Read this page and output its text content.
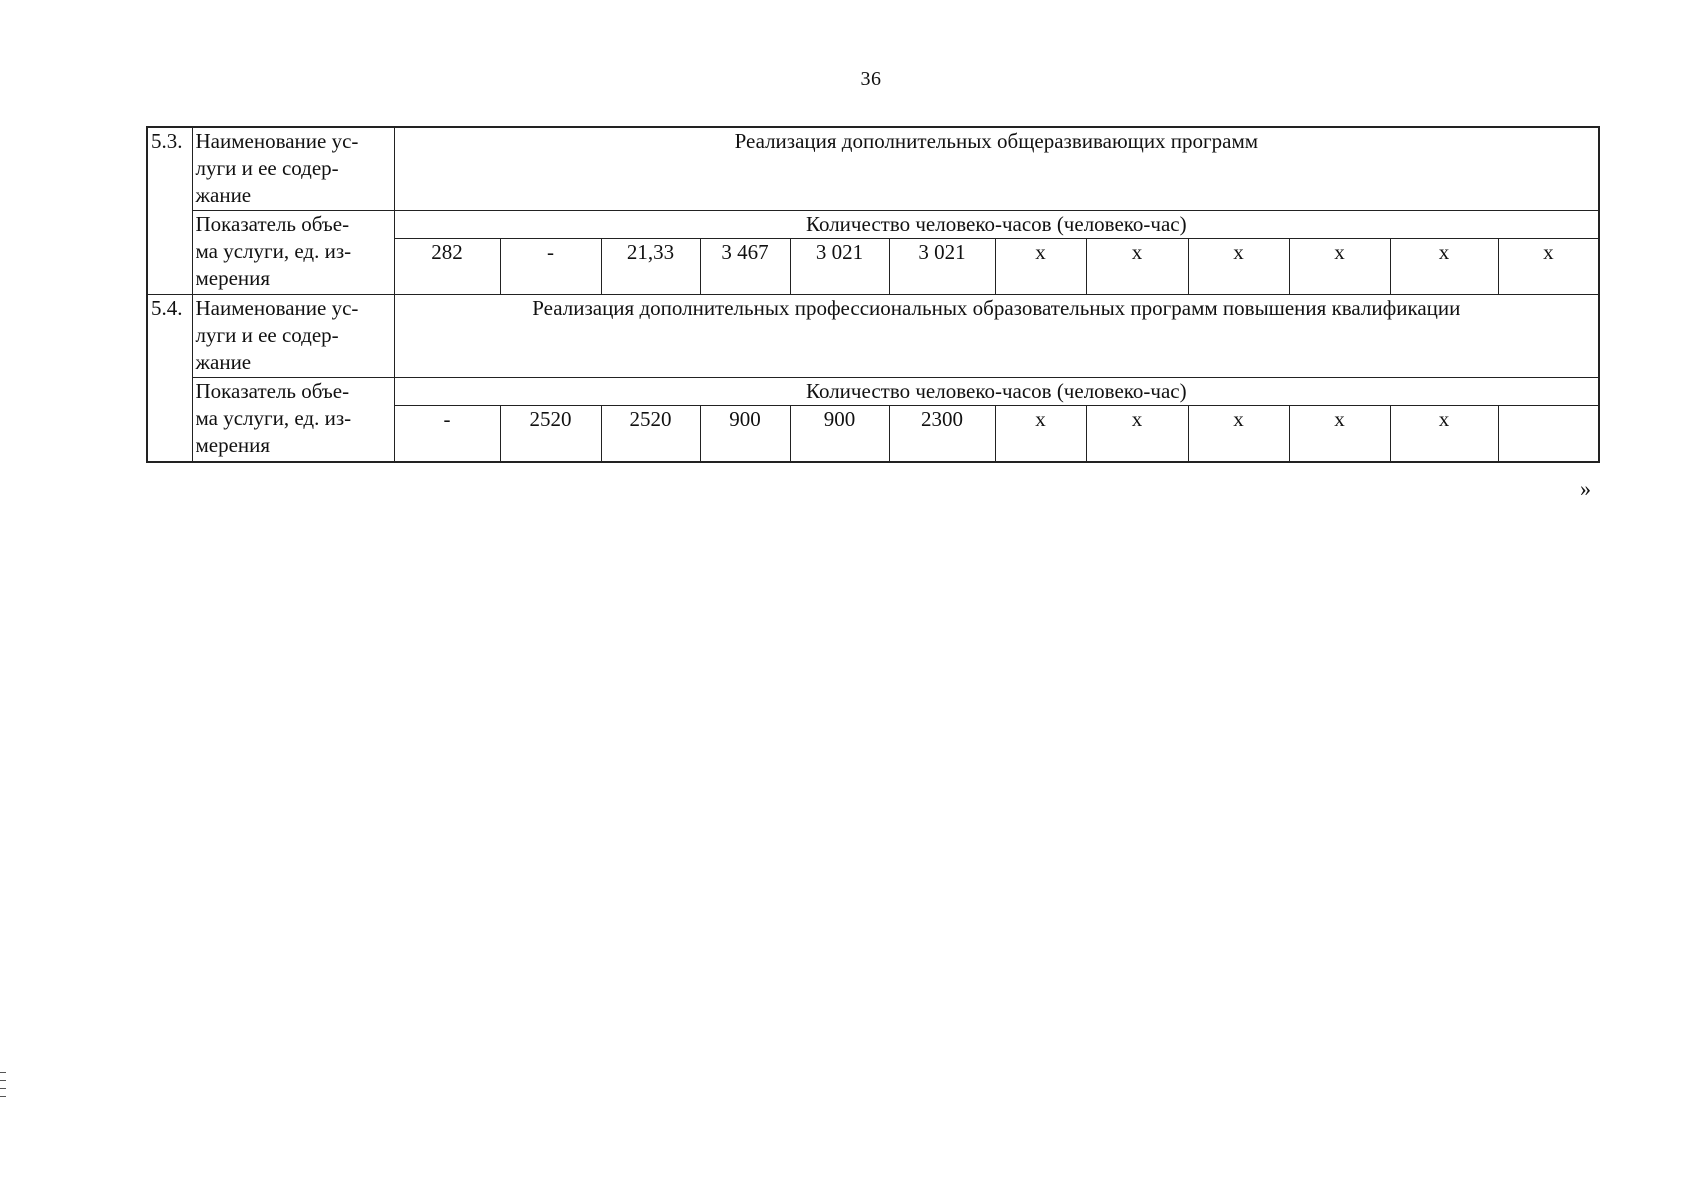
36
5.3.	Наименование ус-
луги и ее содер-
жание	Реализация дополнительных общеразвивающих программ											
	Показатель объе-
ма услуги, ед. из-
мерения	Количество человеко-часов (человеко-час)											
		282	-	21,33	3 467	3 021	3 021	x	x	x	x	x	x
5.4.	Наименование ус-
луги и ее содер-
жание	Реализация дополнительных профессиональных образовательных программ повышения квалификации											
	Показатель объе-
ма услуги, ед. из-
мерения	Количество человеко-часов (человеко-час)											
		-	2520	2520	900	900	2300	x	x	x	x	x	
»
